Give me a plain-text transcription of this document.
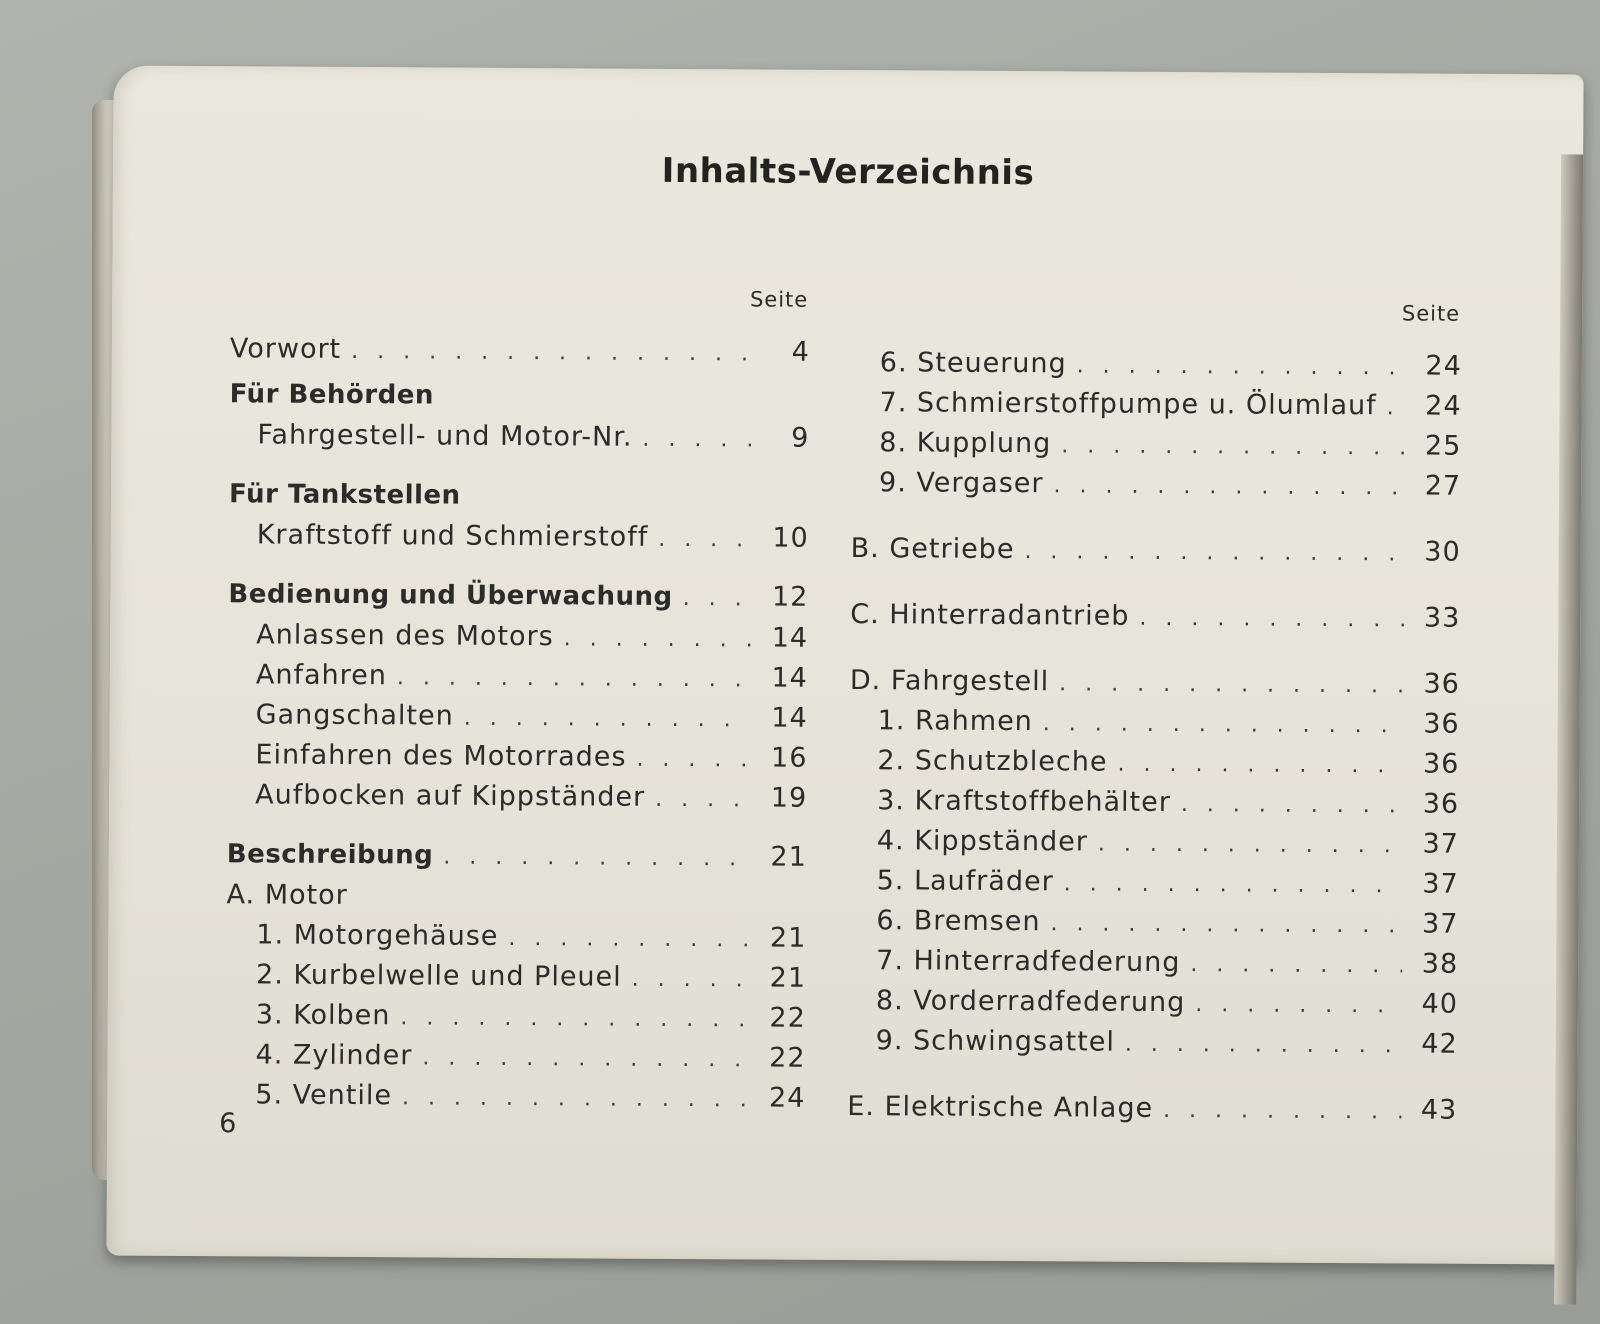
Inhalts-Verzeichnis
Seite
Vorwort . . .	4
Für Behörden
Fahrgestell- und Motor-Nr. . . .	9
Für Tankstellen
Kraftstoff und Schmierstoff . . .	10
Bedienung und Überwachung . . .	12
Anlassen des Motors . . .	14
Anfahren . . .	14
Gangschalten . . .	14
Einfahren des Motorrades . . .	16
Aufbocken auf Kippständer . . .	19
Beschreibung . . .	21
A. Motor
1. Motorgehäuse . . .	21
2. Kurbelwelle und Pleuel . . .	21
3. Kolben . . .	22
4. Zylinder . . .	22
5. Ventile . . .	24
Seite
6. Steuerung . . .	24
7. Schmierstoffpumpe u. Ölumlauf . . .	24
8. Kupplung . . .	25
9. Vergaser . . .	27
B. Getriebe . . .	30
C. Hinterradantrieb . . .	33
D. Fahrgestell . . .	36
1. Rahmen . . .	36
2. Schutzbleche . . .	36
3. Kraftstoffbehälter . . .	36
4. Kippständer . . .	37
5. Laufräder . . .	37
6. Bremsen . . .	37
7. Hinterradfederung . . .	38
8. Vorderradfederung . . .	40
9. Schwingsattel . . .	42
E. Elektrische Anlage . . .	43
6
